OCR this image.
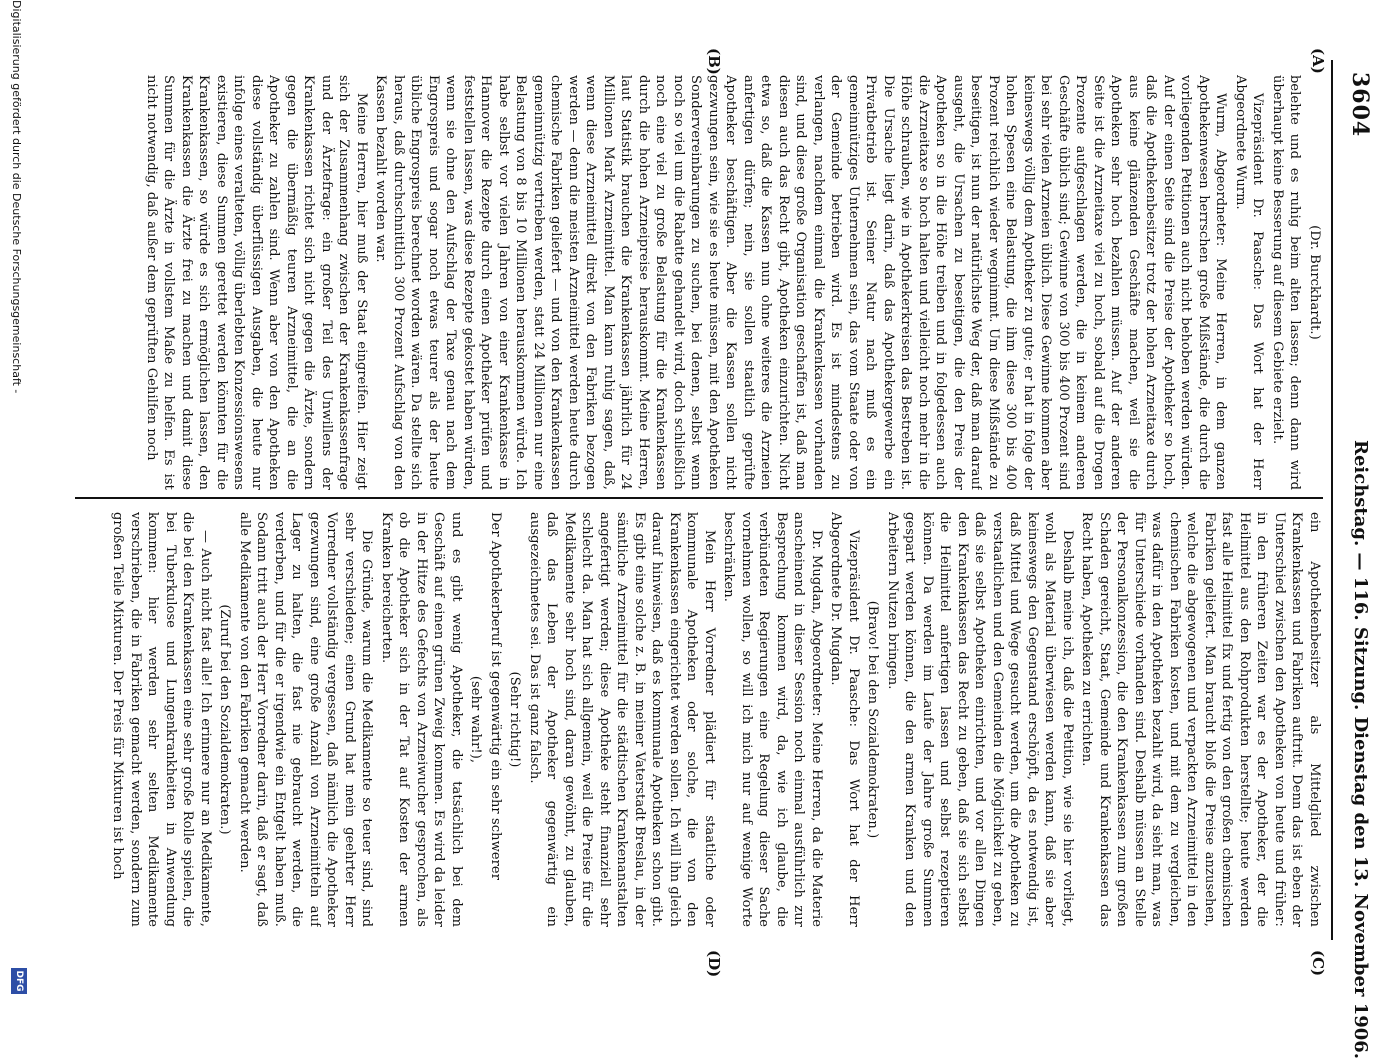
3604
Reichstag. — 116. Sitzung. Dienstag den 13. November 1906.
(A)
(B)
(C)
(D)

(Dr. Burckhardt.)

belehte und es ruhig beim alten lassen; denn dann wird überhaupt keine Besserung auf diesem Gebiete erzielt.

Vizepräsident Dr. Paasche: Das Wort hat der Herr Abgeordnete Wurm.

Wurm, Abgeordneter: Meine Herren, in dem ganzen Apothekenwesen herrschen große Mißstände, die durch die vorliegenden Petitionen auch nicht behoben werden würden. Auf der einen Seite sind die Preise der Apotheker so hoch, daß die Apothekenbesitzer trotz der hohen Arzneitaxe durch aus keine glänzenden Geschäfte machen, weil sie die Apotheken sehr hoch bezahlen müssen. Auf der anderen Seite ist die Arzneitaxe viel zu hoch, sobald auf die Drogen Prozente aufgeschlagen werden, die in keinem anderen Geschäfte üblich sind; Gewinne von 300 bis 400 Prozent sind bei sehr vielen Arzneien üblich. Diese Gewinne kommen aber keineswegs völlig dem Apotheker zu gute; er hat in folge der hohen Spesen eine Belastung, die ihm diese 300 bis 400 Prozent reichlich wieder wegnimmt. Um diese Mißstände zu beseitigen, ist nun der natürlichste Weg der, daß man darauf ausgeht, die Ursachen zu beseitigen, die den Preis der Apotheken so in die Höhe treiben und in folgedessen auch die Arzneitaxe so hoch halten und vielleicht noch mehr in die Höhe schrauben, wie in Apothekerkreisen das Bestreben ist. Die Ursache liegt darin, daß das Apothekergewerbe ein Privatbetrieb ist. Seiner Natur nach muß es ein gemeinnütziges Unternehmen sein, das vom Staate oder von der Gemeinde betrieben wird. Es ist mindestens zu verlangen, nachdem einmal die Krankenkassen vorhanden sind, und diese große Organisation geschaffen ist, daß man diesen auch das Recht gibt, Apotheken einzurichten. Nicht etwa so, daß die Kassen nun ohne weiteres die Arzneien anfertigen dürfen; nein, sie sollen staatlich geprüfte Apotheker beschäftigen. Aber die Kassen sollen nicht gezwungen sein, wie sie es heute müssen, mit den Apotheken Sondervereinbarungen zu suchen, bei denen, selbst wenn noch so viel um die Rabatte gehandelt wird, doch schließlich noch eine viel zu große Belastung für die Krankenkassen durch die hohen Arzneipreise herauskommt. Meine Herren, laut Statistik brauchen die Krankenkassen jährlich für 24 Millionen Mark Arzneimittel. Man kann ruhig sagen, daß, wenn diese Arzneimittel direkt von den Fabriken bezogen werden — denn die meisten Arzneimittel werden heute durch chemische Fabriken geliefert — und von den Krankenkassen gemeinnützig vertrieben werden, statt 24 Millionen nur eine Belastung von 8 bis 10 Millionen herauskommen würde. Ich habe selbst vor vielen Jahren von einer Krankenkasse in Hannover die Rezepte durch einen Apotheker prüfen und feststellen lassen, was diese Rezepte gekostet haben würden, wenn sie ohne den Aufschlag der Taxe genau nach dem Engrospreis und sogar noch etwas teurer als der heute übliche Engrospreis berechnet worden wären. Da stellte sich heraus, daß durchschnittlich 300 Prozent Aufschlag von den Kassen bezahlt worden war.

Meine Herren, hier muß der Staat eingreifen. Hier zeigt sich der Zusammenhang zwischen der Krankenkassenfrage und der Ärztefrage: ein großer Teil des Unwillens der Krankenkassen richtet sich nicht gegen die Ärzte, sondern gegen die übermäßig teuren Arzneimittel, die an die Apotheker zu zahlen sind. Wenn aber von den Apotheken diese vollständig überflüssigen Ausgaben, die heute nur infolge eines veralteten, völlig überlebten Konzessionswesens existieren, diese Summen gerettet werden könnten für die Krankenkassen, so würde es sich ermöglichen lassen, den Krankenkassen die Ärzte frei zu machen und damit diese Summen für die Ärzte in vollstem Maße zu helfen. Es ist nicht notwendig, daß außer dem geprüften Gehilfen noch

ein Apothekenbesitzer als Mittelglied zwischen Krankenkassen und Fabriken auftritt. Denn das ist eben der Unterschied zwischen den Apotheken von heute und früher: in den früheren Zeiten war es der Apotheker, der die Heilmittel aus den Rohprodukten herstellte; heute werden fast alle Heilmittel fix und fertig von den großen chemischen Fabriken geliefert. Man braucht bloß die Preise anzusehen, welche die abgewogenen und verpackten Arzneimittel in den chemischen Fabriken kosten, und mit dem zu vergleichen, was dafür in den Apotheken bezahlt wird, da sieht man, was für Unterschiede vorhanden sind. Deshalb müssen an Stelle der Personalkonzession, die den Krankenkassen zum großen Schaden gereicht, Staat, Gemeinde und Krankenkassen das Recht haben, Apotheken zu errichten.

Deshalb meine ich, daß die Petition, wie sie hier vorliegt, wohl als Material überwiesen werden kann, daß sie aber keineswegs den Gegenstand erschöpft, da es notwendig ist, daß Mittel und Wege gesucht werden, um die Apotheken zu verstaatlichen und den Gemeinden die Möglichkeit zu geben, daß sie selbst Apotheken einrichten, und vor allen Dingen den Krankenkassen das Recht zu geben, daß sie sich selbst die Heilmittel anfertigen lassen und selbst rezeptieren können. Da werden im Laufe der Jahre große Summen gespart werden können, die den armen Kranken und den Arbeitern Nutzen bringen.

(Bravo! bei den Sozialdemokraten.)

Vizepräsident Dr. Paasche: Das Wort hat der Herr Abgeordnete Dr. Mugdan.

Dr. Mugdan, Abgeordneter: Meine Herren, da die Materie anscheinend in dieser Session noch einmal ausführlich zur Besprechung kommen wird, da, wie ich glaube, die verbündeten Regierungen eine Regelung dieser Sache vornehmen wollen, so will ich mich nur auf wenige Worte beschränken.

Mein Herr Vorredner plädiert für staatliche oder kommunale Apotheken oder solche, die von den Krankenkassen eingerichtet werden sollen. Ich will ihn gleich darauf hinweisen, daß es kommunale Apotheken schon gibt. Es gibt eine solche z. B. in meiner Vaterstadt Breslau, in der sämtliche Arzneimittel für die städtischen Krankenanstalten angefertigt werden; diese Apotheke steht finanziell sehr schlecht da. Man hat sich allgemein, weil die Preise für die Medikamente sehr hoch sind, daran gewöhnt, zu glauben, daß das Leben der Apotheker gegenwärtig ein ausgezeichnetes sei. Das ist ganz falsch.

(Sehr richtig!)

Der Apothekerberuf ist gegenwärtig ein sehr schwerer

(sehr wahr!),

und es gibt wenig Apotheker, die tatsächlich bei dem Geschäft auf einen grünen Zweig kommen. Es wird da leider in der Hitze des Gefechts von Arzneiwucher gesprochen, als ob die Apotheker sich in der Tat auf Kosten der armen Kranken bereicherten.

Die Gründe, warum die Medikamente so teuer sind, sind sehr verschiedene; einen Grund hat mein geehrter Herr Vorredner vollständig vergessen, daß nämlich die Apotheker gezwungen sind, eine große Anzahl von Arzneimitteln auf Lager zu halten, die fast nie gebraucht werden, die verderben, und für die er irgendwie ein Entgelt haben muß. Sodann tritt auch der Herr Vorredner darin, daß er sagt, daß alle Medikamente von den Fabriken gemacht werden.

(Zuruf bei den Sozialdemokraten.)

— Auch nicht fast alle! Ich erinnere nur an Medikamente, die bei den Krankenkassen eine sehr große Rolle spielen, die bei Tuberkulose und Lungenkrankheiten in Anwendung kommen: hier werden sehr selten Medikamente verschrieben, die in Fabriken gemacht werden, sondern zum großen Teile Mixturen. Der Preis für Mixturen ist hoch

Digitalisierung gefördert durch die Deutsche Forschungsgemeinschaft -
DFG
